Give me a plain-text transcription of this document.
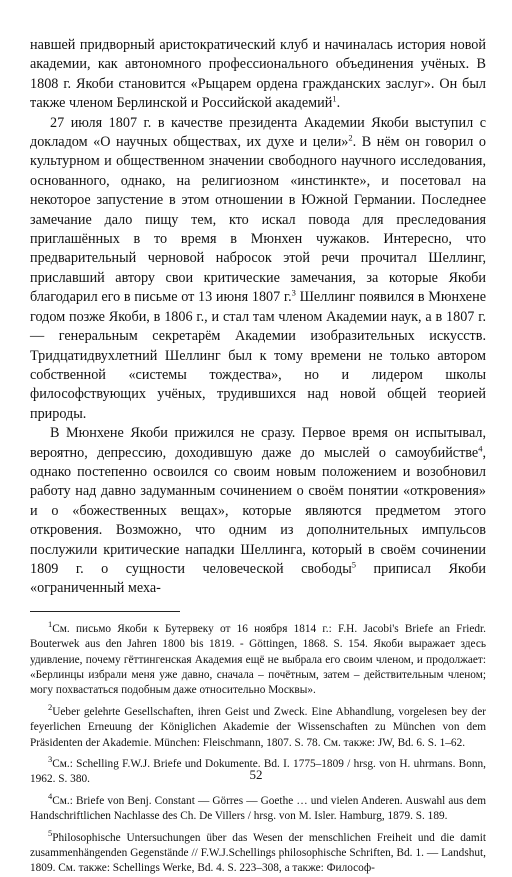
навшей придворный аристократический клуб и начиналась история новой академии, как автономного профессионального объединения учёных. В 1808 г. Якоби становится «Рыцарем ордена гражданских заслуг». Он был также членом Берлинской и Российской академий$^1$.

27 июля 1807 г. в качестве президента Академии Якоби выступил с докладом «О научных обществах, их духе и цели»$^2$. В нём он говорил о культурном и общественном значении свободного научного исследования, основанного, однако, на религиозном «инстинкте», и посетовал на некоторое запустение в этом отношении в Южной Германии. Последнее замечание дало пищу тем, кто искал повода для преследования приглашённых в то время в Мюнхен чужаков. Интересно, что предварительный черновой набросок этой речи прочитал Шеллинг, приславший автору свои критические замечания, за которые Якоби благодарил его в письме от 13 июня 1807 г.$^3$ Шеллинг появился в Мюнхене годом позже Якоби, в 1806 г., и стал там членом Академии наук, а в 1807 г. — генеральным секретарём Академии изобразительных искусств. Тридцатидвухлетний Шеллинг был к тому времени не только автором собственной «системы тождества», но и лидером школы философствующих учёных, трудившихся над новой общей теорией природы.

В Мюнхене Якоби прижился не сразу. Первое время он испытывал, вероятно, депрессию, доходившую даже до мыслей о самоубийстве$^4$, однако постепенно освоился со своим новым положением и возобновил работу над давно задуманным сочинением о своём понятии «откровения» и о «божественных вещах», которые являются предметом этого откровения. Возможно, что одним из дополнительных импульсов послужили критические нападки Шеллинга, который в своём сочинении 1809 г. о сущности человеческой свободы$^5$ приписал Якоби «ограниченный меха-

$^1$См. письмо Якоби к Бутервеку от 16 ноября 1814 г.: F.H. Jacobi's Briefe an Friedr. Bouterwek aus den Jahren 1800 bis 1819. - Göttingen, 1868. S. 154. Якоби выражает здесь удивление, почему гёттингенская Академия ещё не выбрала его своим членом, и продолжает: «Берлинцы избрали меня уже давно, сначала – почётным, затем – действительным членом; могу похвастаться подобным даже относительно Москвы».

$^2$Ueber gelehrte Gesellschaften, ihren Geist und Zweck. Eine Abhandlung, vorgelesen bey der feyerlichen Erneuung der Königlichen Akademie der Wissenschaften zu München von dem Präsidenten der Akademie. München: Fleischmann, 1807. S. 78. См. также: JW, Bd. 6. S. 1–62.

$^3$См.: Schelling F.W.J. Briefe und Dokumente. Bd. I. 1775–1809 / hrsg. von H. uhrmans. Bonn, 1962. S. 380.

$^4$См.: Briefe von Benj. Constant — Görres — Goethe … und vielen Anderen. Auswahl aus dem Handschriftlichen Nachlasse des Ch. De Villers / hrsg. von M. Isler. Hamburg, 1879. S. 189.

$^5$Philosophische Untersuchungen über das Wesen der menschlichen Freiheit und die damit zusammenhängenden Gegenstände // F.W.J.Schellings philosophische Schriften, Bd. 1. — Landshut, 1809. См. также: Schellings Werke, Bd. 4. S. 223–308, а также: Философ-

52
